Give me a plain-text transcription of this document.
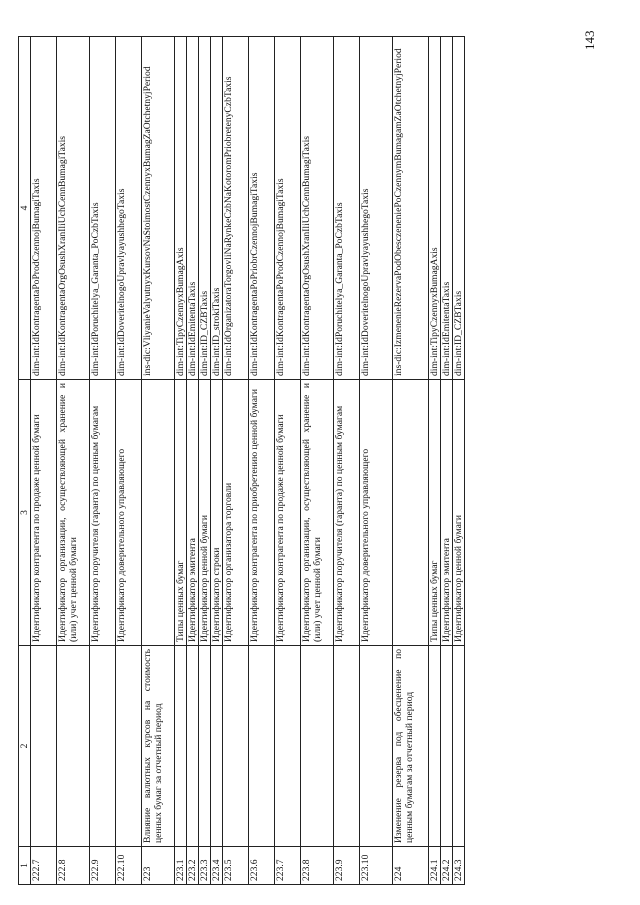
1	2	3	4
222.7		Идентификатор контрагента по продаже ценной бумаги	dim-int:IdKontragentaPoProdCzennojBumagiTaxis
222.8		Идентификатор организации, осуществляющей хранение и (или) учет ценной бумаги	dim-int:IdKontragentaOrgOsushXranIliUchCennBumagiTaxis
222.9		Идентификатор поручителя (гаранта) по ценным бумагам	dim-int:IdPoruchitelya_Garanta_PoCzbTaxis
222.10		Идентификатор доверительного управляющего	dim-int:IdDoveritelnogoUpravlyayushhegoTaxis
223	Влияние валютных курсов на стоимость ценных бумаг за отчетный период		ins-dic:VliyanieValyutnyxKursovNaStoimostCzennyxBumagZaOtchetnyjPeriod
223.1		Типы ценных бумаг	dim-int:TipyCzennyxBumagAxis
223.2		Идентификатор эмитента	dim-int:IdEmitentaTaxis
223.3		Идентификатор ценной бумаги	dim-int:ID_CZBTaxis
223.4		Идентификатор строки	dim-int:ID_strokiTaxis
223.5		Идентификатор организатора торговли	dim-int:IdOrganizatoraTorgovliNaRynkeCzbNaKotoromPriobretenyCzbTaxis
223.6		Идентификатор контрагента по приобретению ценной бумаги	dim-int:IdKontragentaPoPriobrCzennojBumagiTaxis
223.7		Идентификатор контрагента по продаже ценной бумаги	dim-int:IdKontragentaPoProdCzennojBumagiTaxis
223.8		Идентификатор организации, осуществляющей хранение и (или) учет ценной бумаги	dim-int:IdKontragentaOrgOsushXranIliUchCennBumagiTaxis
223.9		Идентификатор поручителя (гаранта) по ценным бумагам	dim-int:IdPoruchitelya_Garanta_PoCzbTaxis
223.10		Идентификатор доверительного управляющего	dim-int:IdDoveritelnogoUpravlyayushhegoTaxis
224	Изменение резерва под обесценение по ценным бумагам за отчетный период		ins-dic:IzmenenieRezervaPodObesczeneniePoCzennymBumagamZaOtchetnyjPeriod
224.1		Типы ценных бумаг	dim-int:TipyCzennyxBumagAxis
224.2		Идентификатор эмитента	dim-int:IdEmitentaTaxis
224.3		Идентификатор ценной бумаги	dim-int:ID_CZBTaxis
143
